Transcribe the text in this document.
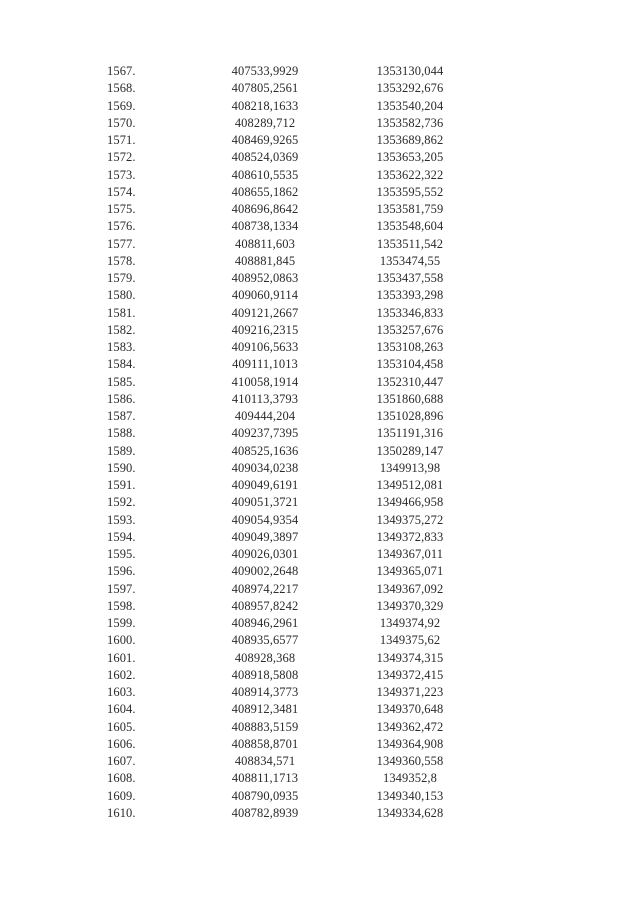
1567.	407533,9929	1353130,044
1568.	407805,2561	1353292,676
1569.	408218,1633	1353540,204
1570.	408289,712	1353582,736
1571.	408469,9265	1353689,862
1572.	408524,0369	1353653,205
1573.	408610,5535	1353622,322
1574.	408655,1862	1353595,552
1575.	408696,8642	1353581,759
1576.	408738,1334	1353548,604
1577.	408811,603	1353511,542
1578.	408881,845	1353474,55
1579.	408952,0863	1353437,558
1580.	409060,9114	1353393,298
1581.	409121,2667	1353346,833
1582.	409216,2315	1353257,676
1583.	409106,5633	1353108,263
1584.	409111,1013	1353104,458
1585.	410058,1914	1352310,447
1586.	410113,3793	1351860,688
1587.	409444,204	1351028,896
1588.	409237,7395	1351191,316
1589.	408525,1636	1350289,147
1590.	409034,0238	1349913,98
1591.	409049,6191	1349512,081
1592.	409051,3721	1349466,958
1593.	409054,9354	1349375,272
1594.	409049,3897	1349372,833
1595.	409026,0301	1349367,011
1596.	409002,2648	1349365,071
1597.	408974,2217	1349367,092
1598.	408957,8242	1349370,329
1599.	408946,2961	1349374,92
1600.	408935,6577	1349375,62
1601.	408928,368	1349374,315
1602.	408918,5808	1349372,415
1603.	408914,3773	1349371,223
1604.	408912,3481	1349370,648
1605.	408883,5159	1349362,472
1606.	408858,8701	1349364,908
1607.	408834,571	1349360,558
1608.	408811,1713	1349352,8
1609.	408790,0935	1349340,153
1610.	408782,8939	1349334,628
